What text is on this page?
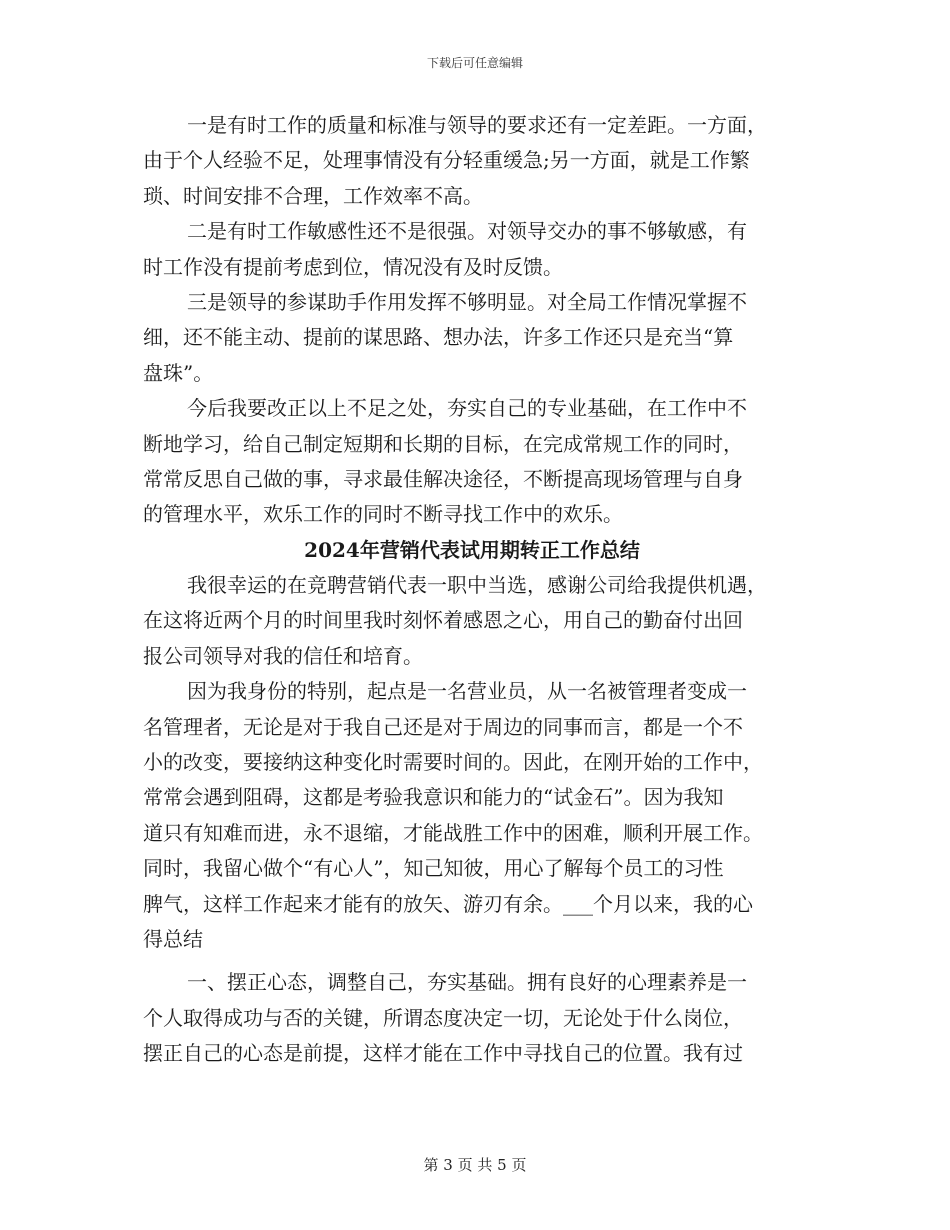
下载后可任意编辑
一是有时工作的质量和标准与领导的要求还有一定差距。一方面，
由于个人经验不足，处理事情没有分轻重缓急;另一方面，就是工作繁
琐、时间安排不合理，工作效率不高。
二是有时工作敏感性还不是很强。对领导交办的事不够敏感，有
时工作没有提前考虑到位，情况没有及时反馈。
三是领导的参谋助手作用发挥不够明显。对全局工作情况掌握不
细，还不能主动、提前的谋思路、想办法，许多工作还只是充当“算
盘珠”。
今后我要改正以上不足之处，夯实自己的专业基础，在工作中不
断地学习，给自己制定短期和长期的目标，在完成常规工作的同时，
常常反思自己做的事，寻求最佳解决途径，不断提高现场管理与自身
的管理水平，欢乐工作的同时不断寻找工作中的欢乐。
2024年营销代表试用期转正工作总结
我很幸运的在竞聘营销代表一职中当选，感谢公司给我提供机遇，
在这将近两个月的时间里我时刻怀着感恩之心，用自己的勤奋付出回
报公司领导对我的信任和培育。
因为我身份的特别，起点是一名营业员，从一名被管理者变成一
名管理者，无论是对于我自己还是对于周边的同事而言，都是一个不
小的改变，要接纳这种变化时需要时间的。因此，在刚开始的工作中，
常常会遇到阻碍，这都是考验我意识和能力的“试金石”。因为我知
道只有知难而进，永不退缩，才能战胜工作中的困难，顺利开展工作。
同时，我留心做个“有心人”，知己知彼，用心了解每个员工的习性
脾气，这样工作起来才能有的放矢、游刃有余。___个月以来，我的心
得总结
一、摆正心态，调整自己，夯实基础。拥有良好的心理素养是一
个人取得成功与否的关键，所谓态度决定一切，无论处于什么岗位，
摆正自己的心态是前提，这样才能在工作中寻找自己的位置。我有过
第 3 页 共 5 页
